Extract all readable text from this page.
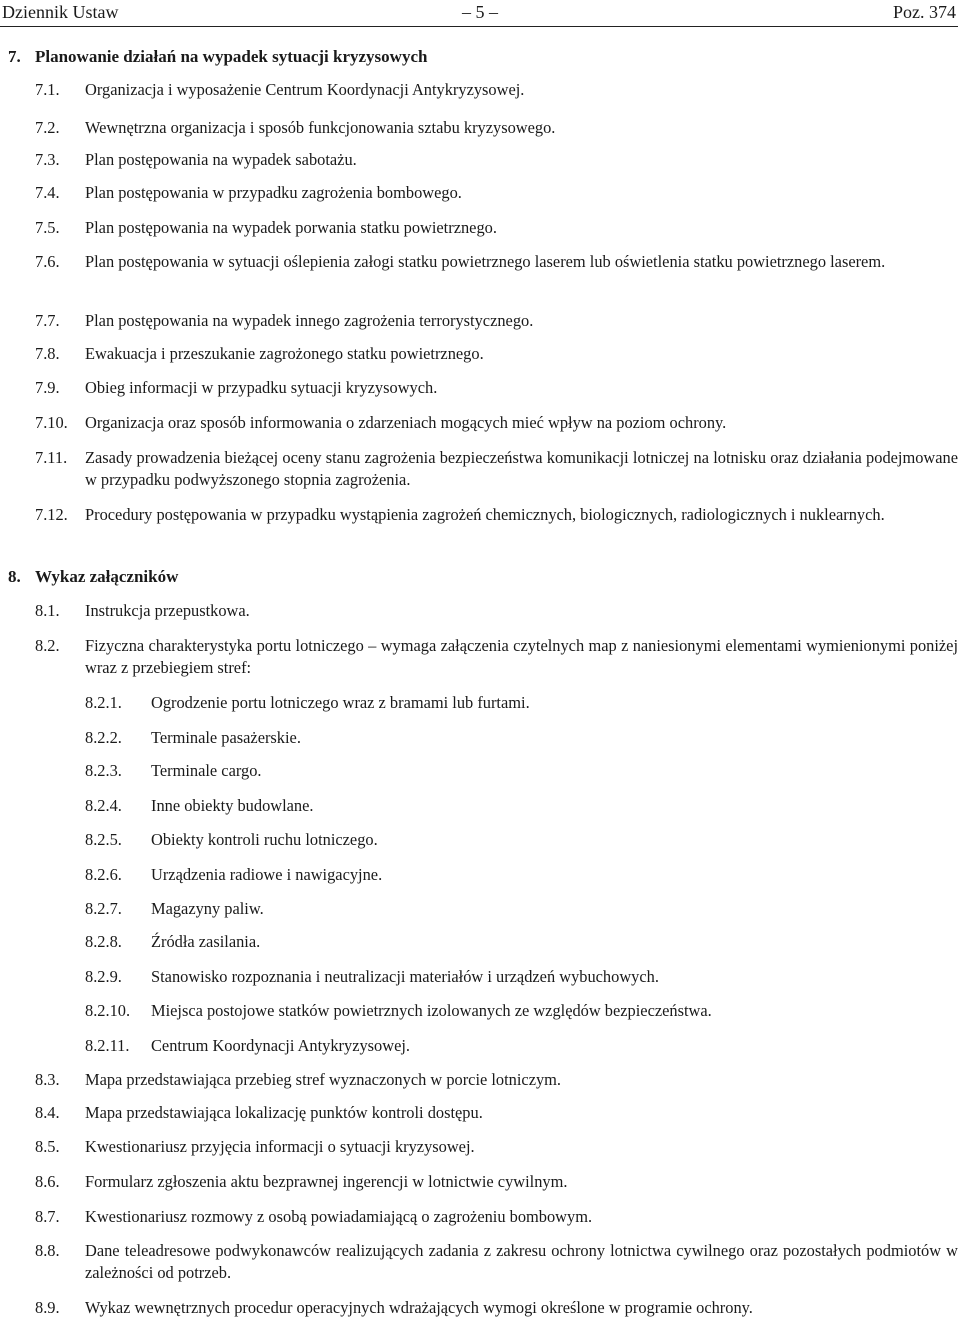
Dziennik Ustaw	– 5 –	Poz. 374
7. Planowanie działań na wypadek sytuacji kryzysowych
7.1. Organizacja i wyposażenie Centrum Koordynacji Antykryzysowej.
7.2. Wewnętrzna organizacja i sposób funkcjonowania sztabu kryzysowego.
7.3. Plan postępowania na wypadek sabotażu.
7.4. Plan postępowania w przypadku zagrożenia bombowego.
7.5. Plan postępowania na wypadek porwania statku powietrznego.
7.6. Plan postępowania w sytuacji oślepienia załogi statku powietrznego laserem lub oświetlenia statku powietrznego laserem.
7.7. Plan postępowania na wypadek innego zagrożenia terrorystycznego.
7.8. Ewakuacja i przeszukanie zagrożonego statku powietrznego.
7.9. Obieg informacji w przypadku sytuacji kryzysowych.
7.10. Organizacja oraz sposób informowania o zdarzeniach mogących mieć wpływ na poziom ochrony.
7.11. Zasady prowadzenia bieżącej oceny stanu zagrożenia bezpieczeństwa komunikacji lotniczej na lotnisku oraz działania podejmowane w przypadku podwyższonego stopnia zagrożenia.
7.12. Procedury postępowania w przypadku wystąpienia zagrożeń chemicznych, biologicznych, radiologicznych i nuklearnych.
8. Wykaz załączników
8.1. Instrukcja przepustkowa.
8.2. Fizyczna charakterystyka portu lotniczego – wymaga załączenia czytelnych map z naniesionymi elementami wymienionymi poniżej wraz z przebiegiem stref:
8.2.1. Ogrodzenie portu lotniczego wraz z bramami lub furtami.
8.2.2. Terminale pasażerskie.
8.2.3. Terminale cargo.
8.2.4. Inne obiekty budowlane.
8.2.5. Obiekty kontroli ruchu lotniczego.
8.2.6. Urządzenia radiowe i nawigacyjne.
8.2.7. Magazyny paliw.
8.2.8. Źródła zasilania.
8.2.9. Stanowisko rozpoznania i neutralizacji materiałów i urządzeń wybuchowych.
8.2.10. Miejsca postojowe statków powietrznych izolowanych ze względów bezpieczeństwa.
8.2.11. Centrum Koordynacji Antykryzysowej.
8.3. Mapa przedstawiająca przebieg stref wyznaczonych w porcie lotniczym.
8.4. Mapa przedstawiająca lokalizację punktów kontroli dostępu.
8.5. Kwestionariusz przyjęcia informacji o sytuacji kryzysowej.
8.6. Formularz zgłoszenia aktu bezprawnej ingerencji w lotnictwie cywilnym.
8.7. Kwestionariusz rozmowy z osobą powiadamiającą o zagrożeniu bombowym.
8.8. Dane teleadresowe podwykonawców realizujących zadania z zakresu ochrony lotnictwa cywilnego oraz pozostałych podmiotów w zależności od potrzeb.
8.9. Wykaz wewnętrznych procedur operacyjnych wdrażających wymogi określone w programie ochrony.
